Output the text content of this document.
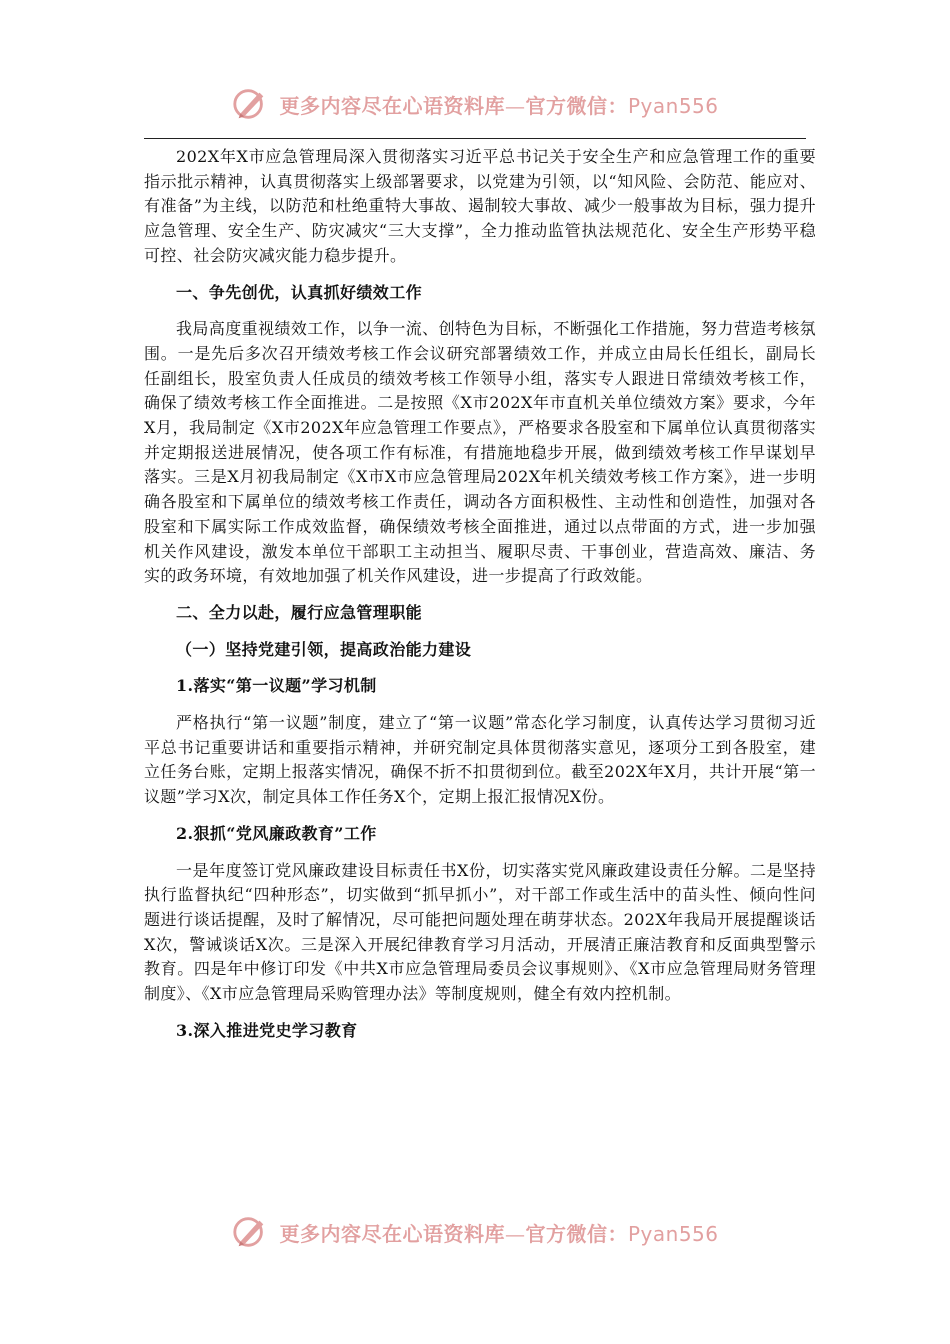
更多内容尽在心语资料库—官方微信：Pyan556

202X年X市应急管理局深入贯彻落实习近平总书记关于安全生产和应急管理工作的重要指示批示精神，认真贯彻落实上级部署要求，以党建为引领，以“知风险、会防范、能应对、有准备”为主线，以防范和杜绝重特大事故、遏制较大事故、减少一般事故为目标，强力提升应急管理、安全生产、防灾减灾“三大支撑”，全力推动监管执法规范化、安全生产形势平稳可控、社会防灾减灾能力稳步提升。

一、争先创优，认真抓好绩效工作

我局高度重视绩效工作，以争一流、创特色为目标，不断强化工作措施，努力营造考核氛围。一是先后多次召开绩效考核工作会议研究部署绩效工作，并成立由局长任组长，副局长任副组长，股室负责人任成员的绩效考核工作领导小组，落实专人跟进日常绩效考核工作，确保了绩效考核工作全面推进。二是按照《X市202X年市直机关单位绩效方案》要求，今年X月，我局制定《X市202X年应急管理工作要点》，严格要求各股室和下属单位认真贯彻落实并定期报送进展情况，使各项工作有标准，有措施地稳步开展，做到绩效考核工作早谋划早落实。三是X月初我局制定《X市X市应急管理局202X年机关绩效考核工作方案》，进一步明确各股室和下属单位的绩效考核工作责任，调动各方面积极性、主动性和创造性，加强对各股室和下属实际工作成效监督，确保绩效考核全面推进，通过以点带面的方式，进一步加强机关作风建设，激发本单位干部职工主动担当、履职尽责、干事创业，营造高效、廉洁、务实的政务环境，有效地加强了机关作风建设，进一步提高了行政效能。

二、全力以赴，履行应急管理职能

（一）坚持党建引领，提高政治能力建设

1.落实“第一议题”学习机制

严格执行“第一议题”制度，建立了“第一议题”常态化学习制度，认真传达学习贯彻习近平总书记重要讲话和重要指示精神，并研究制定具体贯彻落实意见，逐项分工到各股室，建立任务台账，定期上报落实情况，确保不折不扣贯彻到位。截至202X年X月，共计开展“第一议题”学习X次，制定具体工作任务X个，定期上报汇报情况X份。

2.狠抓“党风廉政教育”工作

一是年度签订党风廉政建设目标责任书X份，切实落实党风廉政建设责任分解。二是坚持执行监督执纪“四种形态”，切实做到“抓早抓小”，对干部工作或生活中的苗头性、倾向性问题进行谈话提醒，及时了解情况，尽可能把问题处理在萌芽状态。202X年我局开展提醒谈话X次，警诫谈话X次。三是深入开展纪律教育学习月活动，开展清正廉洁教育和反面典型警示教育。四是年中修订印发《中共X市应急管理局委员会议事规则》、《X市应急管理局财务管理制度》、《X市应急管理局采购管理办法》等制度规则，健全有效内控机制。

3.深入推进党史学习教育

更多内容尽在心语资料库—官方微信：Pyan556
